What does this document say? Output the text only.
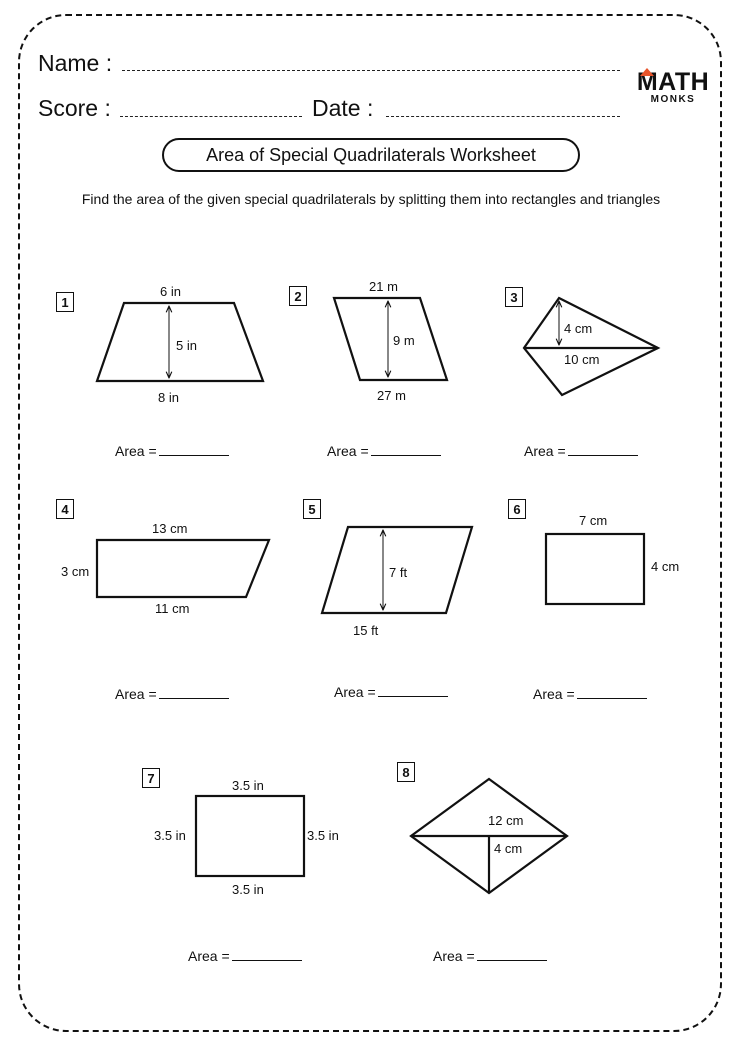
Name :
Score :	Date :
MATH
MONKS
Area of Special Quadrilaterals Worksheet
Find the area of the given special quadrilaterals by splitting them into rectangles and triangles
1	2	3
4	5	6
7	8
6 in
5 in
8 in
21 m
9 m
27 m
4 cm
10 cm
13 cm
3 cm
11 cm
7 ft
15 ft
7 cm
4 cm
3.5 in
3.5 in	3.5 in
3.5 in
12 cm
4 cm
Area =	Area =	Area =
Area =	Area =	Area =
Area =	Area =
